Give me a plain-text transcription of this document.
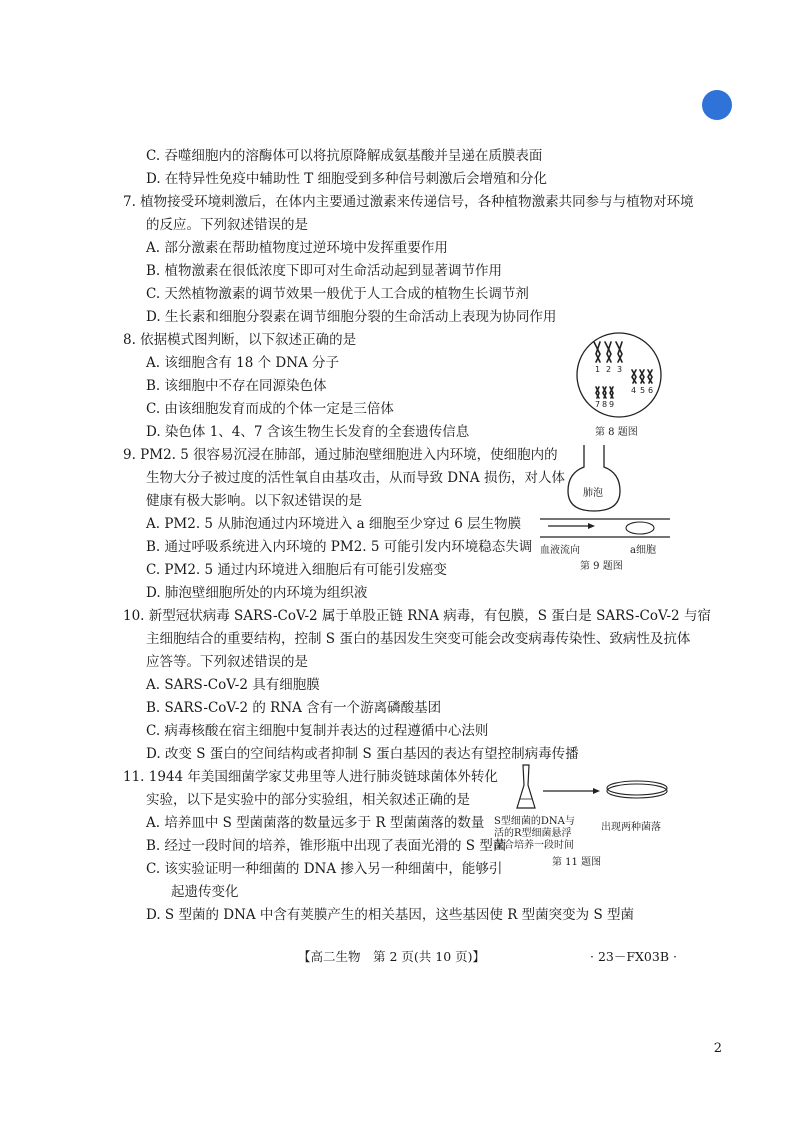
C. 吞噬细胞内的溶酶体可以将抗原降解成氨基酸并呈递在质膜表面
D. 在特异性免疫中辅助性 T 细胞受到多种信号刺激后会增殖和分化
7. 植物接受环境刺激后，在体内主要通过激素来传递信号，各种植物激素共同参与与植物对环境
的反应。下列叙述错误的是
A. 部分激素在帮助植物度过逆环境中发挥重要作用
B. 植物激素在很低浓度下即可对生命活动起到显著调节作用
C. 天然植物激素的调节效果一般优于人工合成的植物生长调节剂
D. 生长素和细胞分裂素在调节细胞分裂的生命活动上表现为协同作用
8. 依据模式图判断，以下叙述正确的是
A. 该细胞含有 18 个 DNA 分子
B. 该细胞中不存在同源染色体
C. 由该细胞发育而成的个体一定是三倍体
D. 染色体 1、4、7 含该生物生长发育的全套遗传信息
1 2 3
4 5 6
7 8 9
第 8 题图
9. PM2. 5 很容易沉浸在肺部，通过肺泡壁细胞进入内环境，使细胞内的
生物大分子被过度的活性氧自由基攻击，从而导致 DNA 损伤，对人体
健康有极大影响。以下叙述错误的是
A. PM2. 5 从肺泡通过内环境进入 a 细胞至少穿过 6 层生物膜
B. 通过呼吸系统进入内环境的 PM2. 5 可能引发内环境稳态失调
C. PM2. 5 通过内环境进入细胞后有可能引发癌变
D. 肺泡壁细胞所处的内环境为组织液
肺泡
血液流向	a细胞
第 9 题图
10. 新型冠状病毒 SARS-CoV-2 属于单股正链 RNA 病毒，有包膜，S 蛋白是 SARS-CoV-2 与宿
主细胞结合的重要结构，控制 S 蛋白的基因发生突变可能会改变病毒传染性、致病性及抗体
应答等。下列叙述错误的是
A. SARS-CoV-2 具有细胞膜
B. SARS-CoV-2 的 RNA 含有一个游离磷酸基团
C. 病毒核酸在宿主细胞中复制并表达的过程遵循中心法则
D. 改变 S 蛋白的空间结构或者抑制 S 蛋白基因的表达有望控制病毒传播
11. 1944 年美国细菌学家艾弗里等人进行肺炎链球菌体外转化
实验，以下是实验中的部分实验组，相关叙述正确的是
A. 培养皿中 S 型菌菌落的数量远多于 R 型菌菌落的数量
B. 经过一段时间的培养，锥形瓶中出现了表面光滑的 S 型菌
C. 该实验证明一种细菌的 DNA 掺入另一种细菌中，能够引
起遗传变化
D. S 型菌的 DNA 中含有荚膜产生的相关基因，这些基因使 R 型菌突变为 S 型菌
S型细菌的DNA与
活的R型细菌悬浮
混合培养一段时间
出现两种菌落
第 11 题图
【高二生物　第 2 页(共 10 页)】	· 23－FX03B ·
2
